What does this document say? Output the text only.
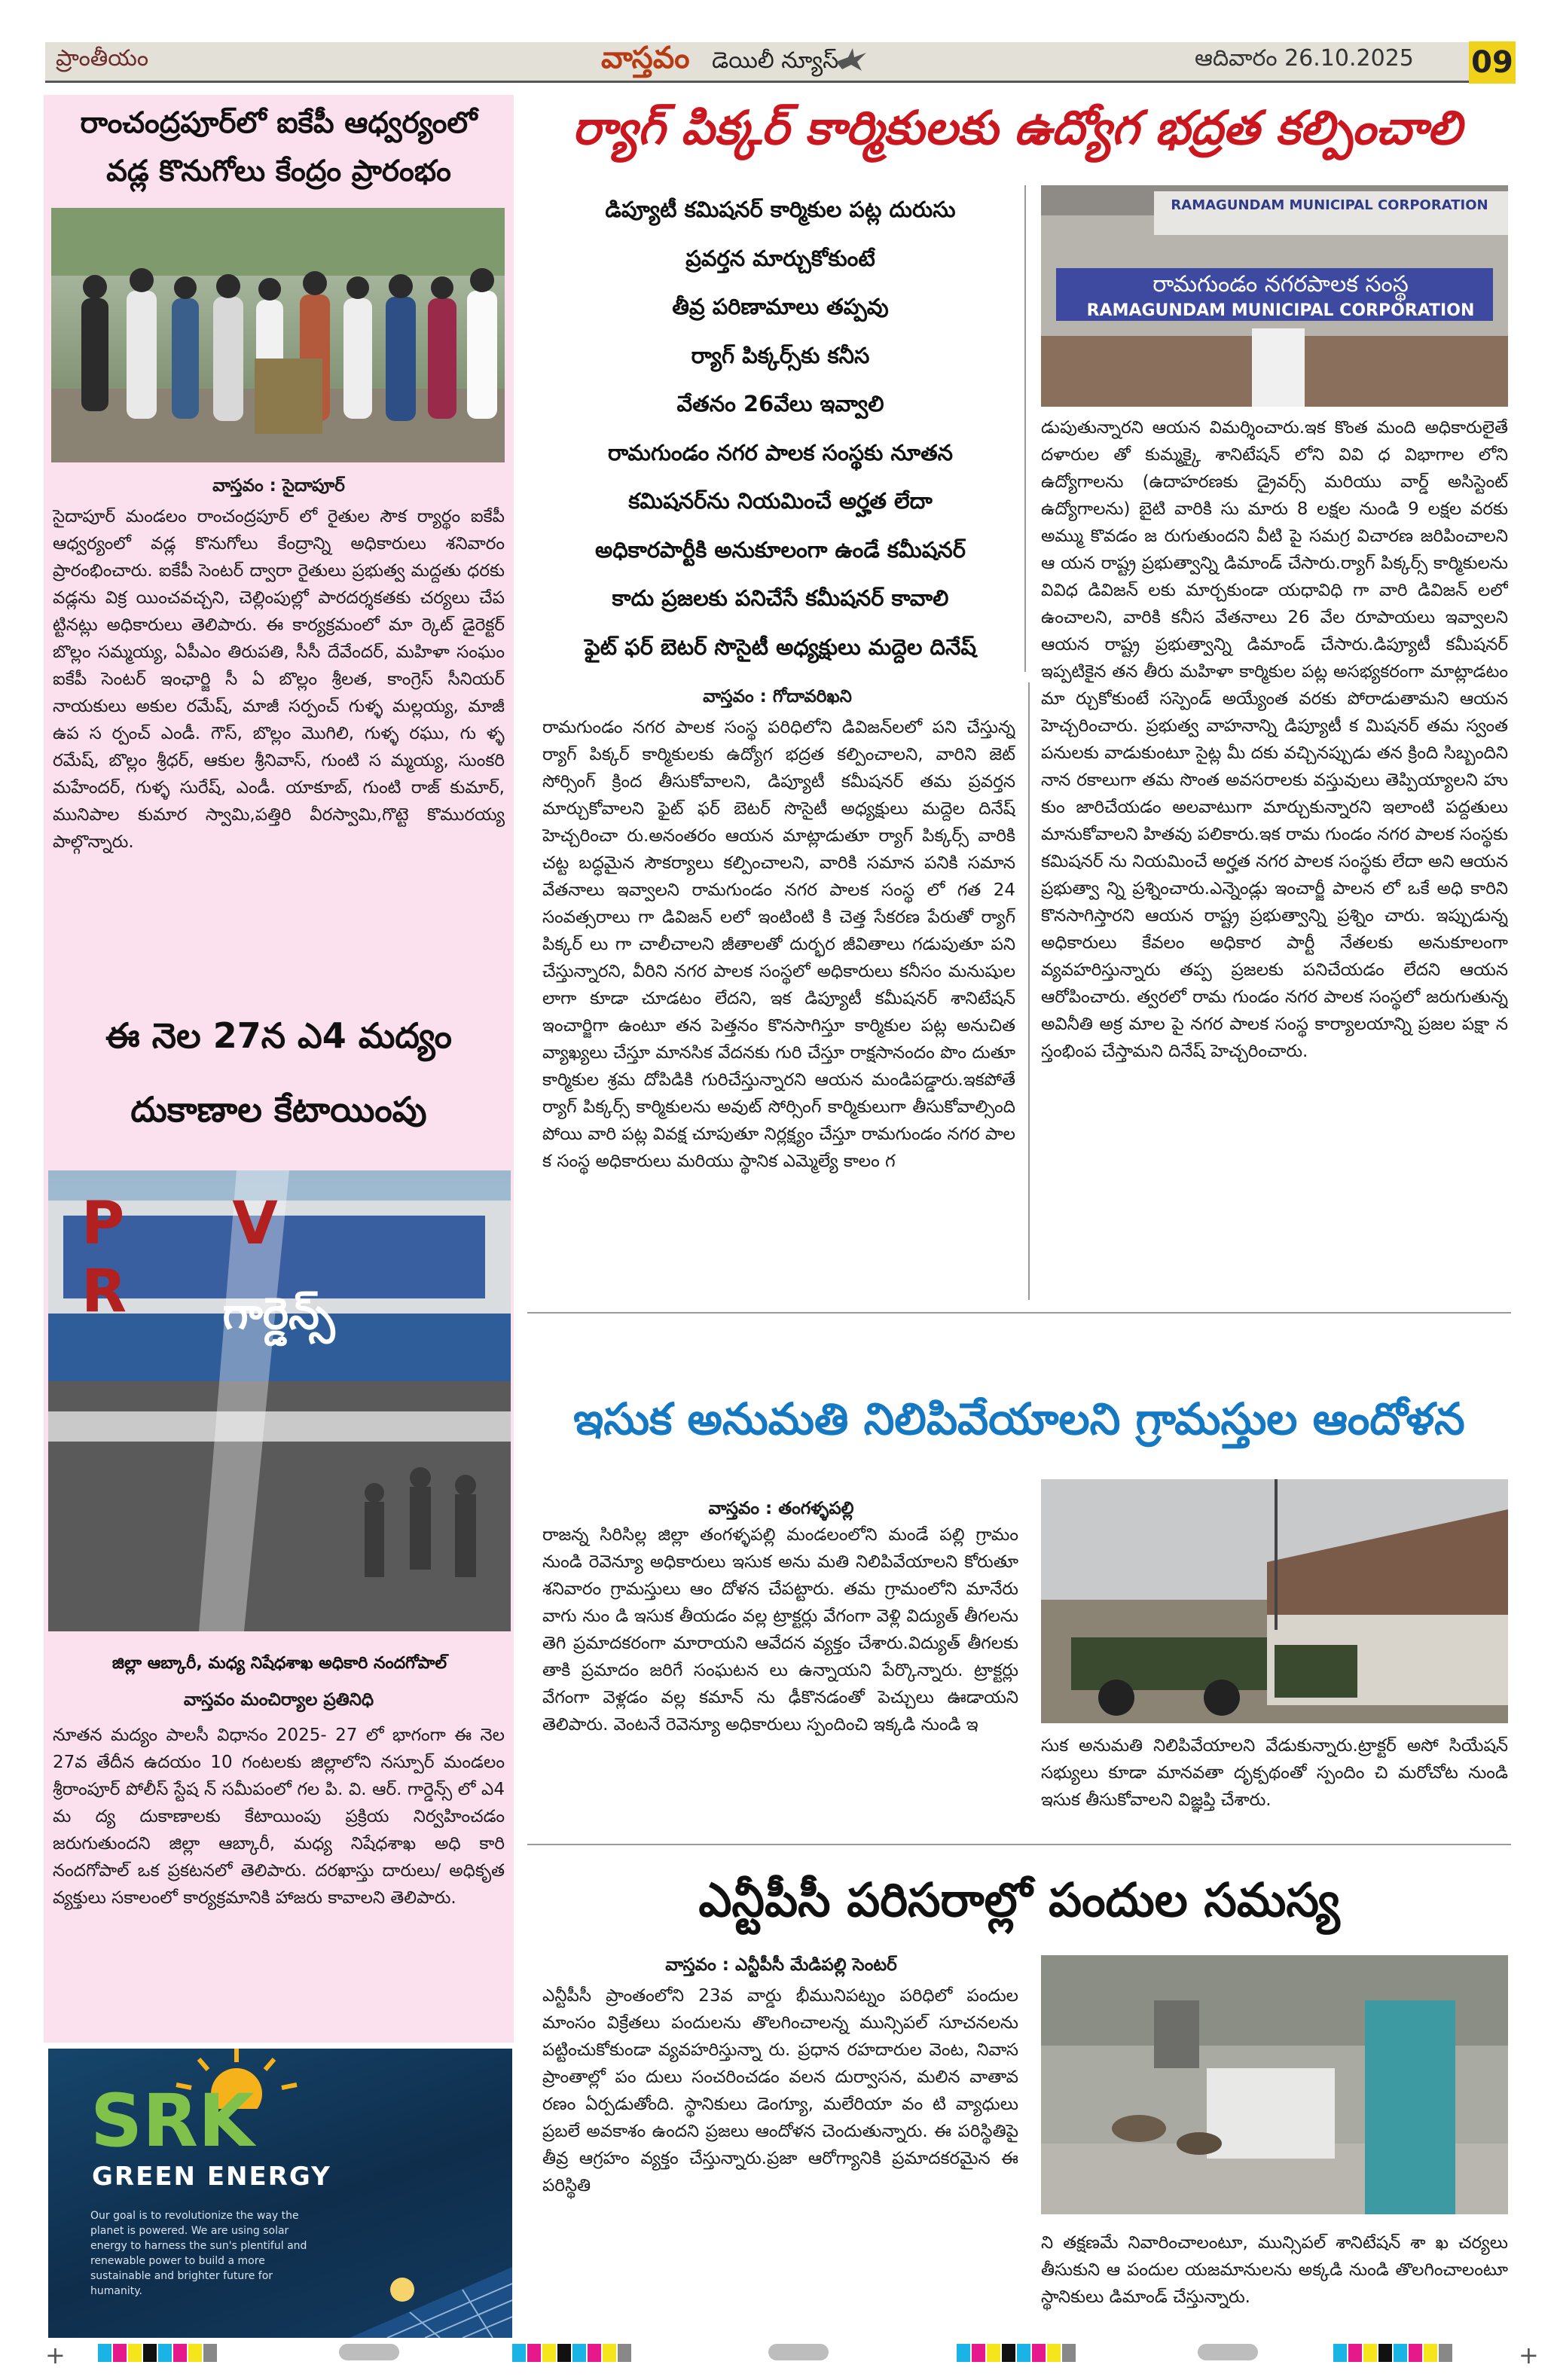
ప్రాంతీయం	వాస్తవం డెయిలీ న్యూస్	ఆదివారం 26.10.2025 09
రాంచంద్రపూర్‌లో ఐకేపీ ఆధ్వర్యంలో
వడ్ల కొనుగోలు కేంద్రం ప్రారంభం
వాస్తవం : సైదాపూర్
సైదాపూర్ మండలం రాంచంద్రపూర్ లో రైతుల సౌక ర్యార్థం ఐకేపీ ఆధ్వర్యంలో వడ్ల కొనుగోలు కేంద్రాన్ని అధికారులు శనివారం ప్రారంభించారు. ఐకేపీ సెంటర్ ద్వారా రైతులు ప్రభుత్వ మద్దతు ధరకు వడ్లను విక్ర యించవచ్చని, చెల్లింపుల్లో పారదర్శకతకు చర్యలు చేప ట్టినట్లు అధికారులు తెలిపారు. ఈ కార్యక్రమంలో మా ర్కెట్ డైరెక్టర్ బొల్లం సమ్మయ్య, ఏపీఎం తిరుపతి, సీసీ దేవేందర్, మహిళా సంఘం ఐకేపీ సెంటర్ ఇంఛార్జి సీ ఏ బొల్లం శ్రీలత, కాంగ్రెస్ సీనియర్ నాయకులు అకుల రమేష్, మాజీ సర్పంచ్ గుళ్ళ మల్లయ్య, మాజీ ఉప స ర్పంచ్ ఎండీ. గౌస్, బొల్లం మొగిలి, గుళ్ళ రఘు, గు ళ్ళ రమేష్, బొల్లం శ్రీధర్, ఆకుల శ్రీనివాస్, గుంటి స మ్మయ్య, సుంకరి మహేందర్, గుళ్ళ సురేష్, ఎండీ. యాకూబ్, గుంటి రాజ్ కుమార్, మునిపాల కుమార స్వామి,పత్తిరి వీరస్వామి,గొట్టె కొమురయ్య పాల్గొన్నారు.
ఈ నెల 27న ఎ4 మద్యం
దుకాణాల కేటాయింపు
P V R	గార్డెన్స్
జిల్లా ఆబ్కారీ, మధ్య నిషేధశాఖ అధికారి నందగోపాల్
వాస్తవం మంచిర్యాల ప్రతినిధి
నూతన మద్యం పాలసీ విధానం 2025- 27 లో భాగంగా ఈ నెల 27వ తేదీన ఉదయం 10 గంటలకు జిల్లాలోని నస్పూర్ మండలం శ్రీరాంపూర్ పోలీస్ స్టేష న్ సమీపంలో గల పి. వి. ఆర్. గార్డెన్స్ లో ఎ4 మ ద్య దుకాణాలకు కేటాయింపు ప్రక్రియ నిర్వహించడం జరుగుతుందని జిల్లా ఆబ్కారీ, మధ్య నిషేధశాఖ అధి కారి నందగోపాల్ ఒక ప్రకటనలో తెలిపారు. దరఖాస్తు దారులు/ అధికృత వ్యక్తులు సకాలంలో కార్యక్రమానికి హాజరు కావాలని తెలిపారు.
SRK
GREEN ENERGY
Our goal is to revolutionize the way the planet is powered. We are using solar energy to harness the sun's plentiful and renewable power to build a more sustainable and brighter future for humanity.
ర్యాగ్ పిక్కర్ కార్మికులకు ఉద్యోగ భద్రత కల్పించాలి
డిప్యూటీ కమిషనర్ కార్మికుల పట్ల దురుసు
ప్రవర్తన మార్చుకోకుంటే
తీవ్ర పరిణామాలు తప్పవు
ర్యాగ్ పిక్కర్స్‌కు కనీస
వేతనం 26వేలు ఇవ్వాలి
రామగుండం నగర పాలక సంస్థకు నూతన
కమిషనర్‌ను నియమించే అర్హత లేదా
అధికారపార్టీకి అనుకూలంగా ఉండే కమీషనర్
కాదు ప్రజలకు పనిచేసే కమీషనర్ కావాలి
ఫైట్ ఫర్ బెటర్ సొసైటీ అధ్యక్షులు మద్దెల దినేష్
RAMAGUNDAM MUNICIPAL CORPORATION
రామగుండం నగరపాలక సంస్థ
RAMAGUNDAM MUNICIPAL CORPORATION
వాస్తవం : గోదావరిఖని
రామగుండం నగర పాలక సంస్థ పరిధిలోని డివిజన్‌లలో పని చేస్తున్న ర్యాగ్ పిక్కర్ కార్మికులకు ఉద్యోగ భద్రత కల్పించాలని, వారిని జెట్ సోర్సింగ్ క్రింద తీసుకోవాలని, డిప్యూటీ కమీషనర్ తమ ప్రవర్తన మార్చుకోవాలని ఫైట్ ఫర్ బెటర్ సొసైటీ అధ్యక్షులు మద్దెల దినేష్ హెచ్చరించా రు.అనంతరం ఆయన మాట్లాడుతూ ర్యాగ్ పిక్కర్స్ వారికి చట్ట బద్ధమైన సౌకర్యాలు కల్పించాలని, వారికి సమాన పనికి సమాన వేతనాలు ఇవ్వాలని రామగుండం నగర పాలక సంస్థ లో గత 24 సంవత్సరాలు గా డివిజన్ లలో ఇంటింటి కి చెత్త సేకరణ పేరుతో ర్యాగ్ పిక్కర్ లు గా చాలీచాలని జీతాలతో దుర్భర జీవితాలు గడుపుతూ పని చేస్తున్నారని, వీరిని నగర పాలక సంస్థలో అధికారులు కనీసం మనుషుల లాగా కూడా చూడటం లేదని, ఇక డిప్యూటీ కమీషనర్ శానిటేషన్ ఇంచార్జిగా ఉంటూ తన పెత్తనం కొనసాగిస్తూ కార్మికుల పట్ల అనుచిత వ్యాఖ్యలు చేస్తూ మానసిక వేదనకు గురి చేస్తూ రాక్షసానందం పొం దుతూ కార్మికుల శ్రమ దోపిడికి గురిచేస్తున్నారని ఆయన మండిపడ్డారు.ఇకపోతే ర్యాగ్ పిక్కర్స్ కార్మికులను అవుట్ సోర్సింగ్ కార్మికులుగా తీసుకోవాల్సింది పోయి వారి పట్ల వివక్ష చూపుతూ నిర్లక్ష్యం చేస్తూ రామగుండం నగర పాల క సంస్థ అధికారులు మరియు స్థానిక ఎమ్మెల్యే కాలం గ
డుపుతున్నారని ఆయన విమర్శించారు.ఇక కొంత మంది అధికారులైతే దళారుల తో కుమ్మక్కై శానిటేషన్ లోని వివి ధ విభాగాల లోని ఉద్యోగాలను (ఉదాహరణకు డ్రైవర్స్ మరియు వార్డ్ అసిస్టెంట్ ఉద్యోగాలను) బైటి వారికి సు మారు 8 లక్షల నుండి 9 లక్షల వరకు అమ్ము కొవడం జ రుగుతుందని వీటి పై సమగ్ర విచారణ జరిపించాలని ఆ యన రాష్ట్ర ప్రభుత్వాన్ని డిమాండ్ చేసారు.ర్యాగ్ పిక్కర్స్ కార్మికులను వివిధ డివిజన్ లకు మార్చకుండా యధావిధి గా వారి డివిజన్ లలో ఉంచాలని, వారికి కనీస వేతనాలు 26 వేల రూపాయలు ఇవ్వాలని ఆయన రాష్ట్ర ప్రభుత్వాన్ని డిమాండ్ చేసారు.డిప్యూటీ కమీషనర్ ఇప్పటికైన తన తీరు మహిళా కార్మికుల పట్ల అసభ్యకరంగా మాట్లాడటం మా ర్చుకోకుంటే సస్పెండ్ అయ్యేంత వరకు పోరాడుతామని ఆయన హెచ్చరించారు. ప్రభుత్వ వాహనాన్ని డిప్యూటీ క మిషనర్ తమ స్వంత పనులకు వాడుకుంటూ సైట్ల మీ దకు వచ్చినప్పుడు తన క్రింది సిబ్బందిని నాన రకాలుగా తమ సొంత అవసరాలకు వస్తువులు తెప్పియ్యాలని హు కుం జారిచేయడం అలవాటుగా మార్చుకున్నారని ఇలాంటి పద్దతులు మానుకోవాలని హితవు పలికారు.ఇక రామ గుండం నగర పాలక సంస్థకు కమిషనర్ ను నియమించే అర్హత నగర పాలక సంస్థకు లేదా అని ఆయన ప్రభుత్వా న్ని ప్రశ్నించారు.ఎన్నెండ్లు ఇంచార్జీ పాలన లో ఒకే అధి కారిని కొనసాగిస్తారని ఆయన రాష్ట్ర ప్రభుత్వాన్ని ప్రశ్నిం చారు. ఇప్పుడున్న అధికారులు కేవలం అధికార పార్టీ నేతలకు అనుకూలంగా వ్యవహరిస్తున్నారు తప్ప ప్రజలకు పనిచేయడం లేదని ఆయన ఆరోపించారు. త్వరలో రామ గుండం నగర పాలక సంస్థలో జరుగుతున్న అవినీతి అక్ర మాల పై నగర పాలక సంస్థ కార్యాలయాన్ని ప్రజల పక్షా న స్తంభింప చేస్తామని దినేష్ హెచ్చరించారు.
ఇసుక అనుమతి నిలిపివేయాలని గ్రామస్తుల ఆందోళన
వాస్తవం : తంగళ్ళపల్లి
రాజన్న సిరిసిల్ల జిల్లా తంగళ్ళపల్లి మండలంలోని మండే పల్లి గ్రామం నుండి రెవెన్యూ అధికారులు ఇసుక అను మతి నిలిపివేయాలని కోరుతూ శనివారం గ్రామస్తులు ఆం దోళన చేపట్టారు. తమ గ్రామంలోని మానేరు వాగు నుం డి ఇసుక తీయడం వల్ల ట్రాక్టర్లు వేగంగా వెళ్లి విద్యుత్ తీగలను తెగి ప్రమాదకరంగా మారాయని ఆవేదన వ్యక్తం చేశారు.విద్యుత్ తీగలకు తాకి ప్రమాదం జరిగే సంఘటన లు ఉన్నాయని పేర్కొన్నారు. ట్రాక్టర్లు వేగంగా వెళ్లడం వల్ల కమాన్ ను ఢీకొనడంతో పెచ్చులు ఊడాయని తెలిపారు. వెంటనే రెవెన్యూ అధికారులు స్పందించి ఇక్కడి నుండి ఇ
సుక అనుమతి నిలిపివేయాలని వేడుకున్నారు.ట్రాక్టర్ అసో సియేషన్ సభ్యులు కూడా మానవతా దృక్పథంతో స్పందిం చి మరోచోట నుండి ఇసుక తీసుకోవాలని విజ్ఞప్తి చేశారు.
ఎన్టీపీసీ పరిసరాల్లో పందుల సమస్య
వాస్తవం : ఎన్టీపీసీ మేడిపల్లి సెంటర్
ఎన్టీపీసీ ప్రాంతంలోని 23వ వార్డు భీమునిపట్నం పరిధిలో పందుల మాంసం విక్రేతలు పందులను తొలగించాలన్న మున్సిపల్ సూచనలను పట్టించుకోకుండా వ్యవహరిస్తున్నా రు. ప్రధాన రహదారుల వెంట, నివాస ప్రాంతాల్లో పం దులు సంచరించడం వలన దుర్వాసన, మలిన వాతావ రణం ఏర్పడుతోంది. స్థానికులు డెంగ్యూ, మలేరియా వం టి వ్యాధులు ప్రబలే అవకాశం ఉందని ప్రజలు ఆందోళన చెందుతున్నారు. ఈ పరిస్థితిపై తీవ్ర ఆగ్రహం వ్యక్తం చేస్తున్నారు.ప్రజా ఆరోగ్యానికి ప్రమాదకరమైన ఈ పరిస్థితి
ని తక్షణమే నివారించాలంటూ, మున్సిపల్ శానిటేషన్ శా ఖ చర్యలు తీసుకుని ఆ పందుల యజమానులను అక్కడి నుండి తొలగించాలంటూ స్థానికులు డిమాండ్ చేస్తున్నారు.
+	+
